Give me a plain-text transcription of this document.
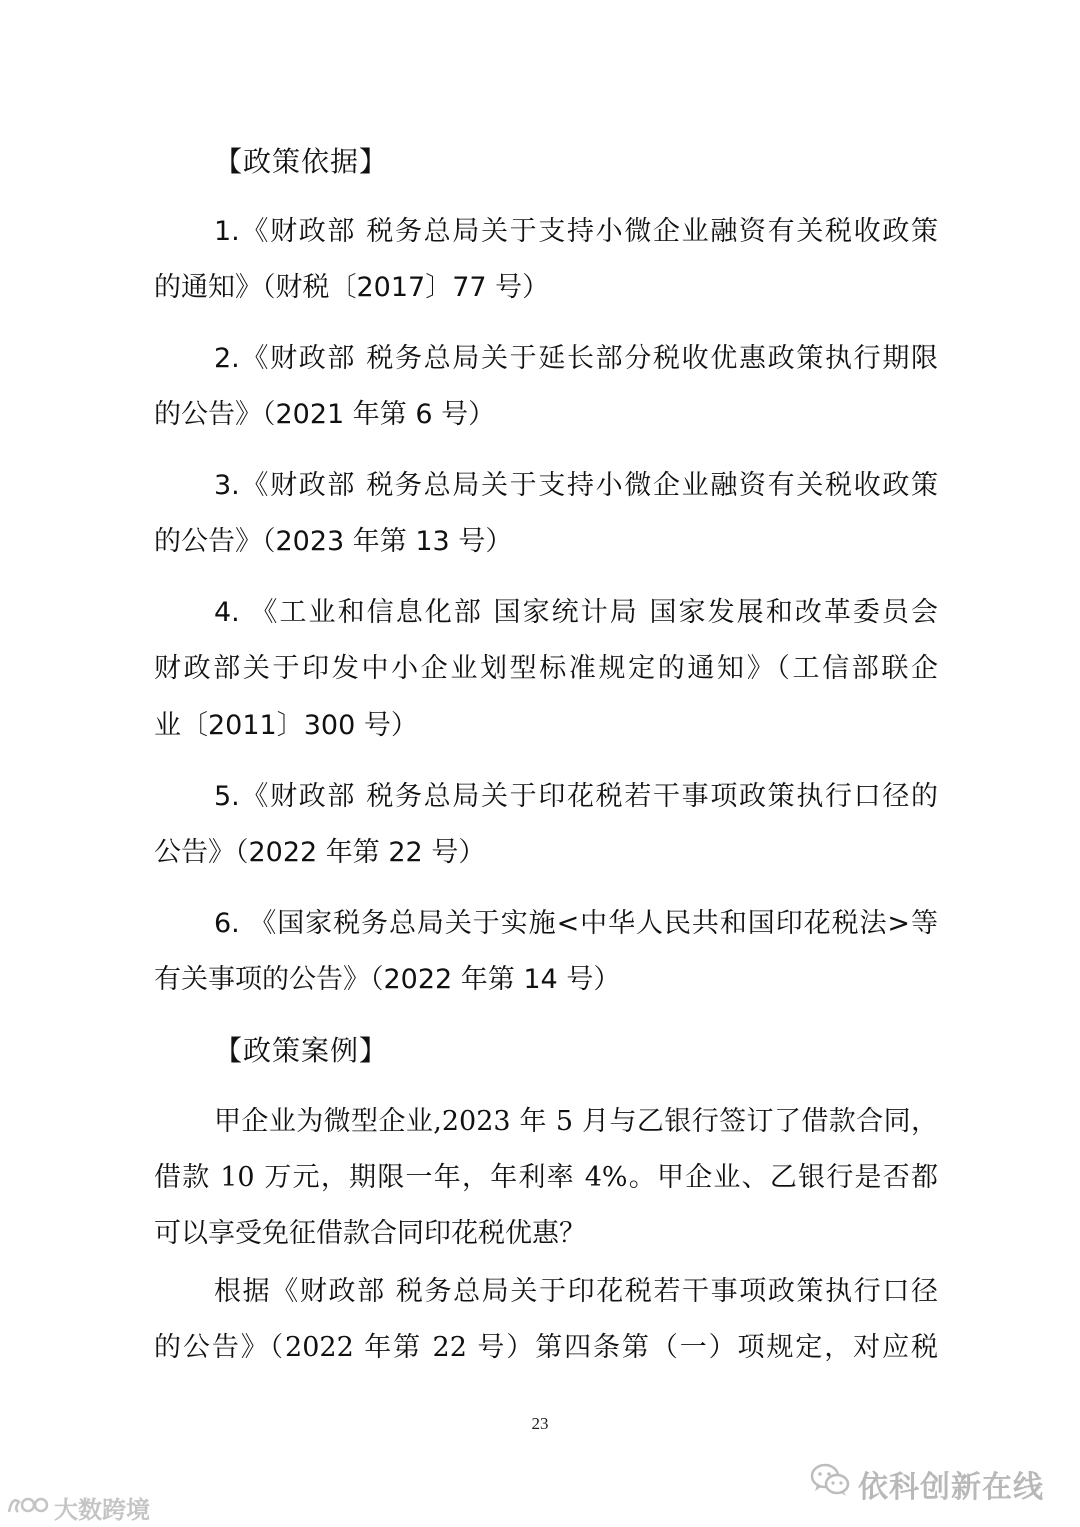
【政策依据】
1.《财政部 税务总局关于支持小微企业融资有关税收政策
的通知》（财税〔2017〕77 号）
2.《财政部 税务总局关于延长部分税收优惠政策执行期限
的公告》（2021 年第 6 号）
3.《财政部 税务总局关于支持小微企业融资有关税收政策
的公告》（2023 年第 13 号）
4. 《工业和信息化部 国家统计局 国家发展和改革委员会
财政部关于印发中小企业划型标准规定的通知》（工信部联企
业〔2011〕300 号）
5.《财政部 税务总局关于印花税若干事项政策执行口径的
公告》（2022 年第 22 号）
6. 《国家税务总局关于实施<中华人民共和国印花税法>等
有关事项的公告》（2022 年第 14 号）
【政策案例】
甲企业为微型企业,2023 年 5 月与乙银行签订了借款合同，
借款 10 万元，期限一年，年利率 4%。甲企业、乙银行是否都
可以享受免征借款合同印花税优惠？
根据《财政部 税务总局关于印花税若干事项政策执行口径
的公告》（2022 年第 22 号）第四条第（一）项规定，对应税
23
依科创新在线
大数跨境
